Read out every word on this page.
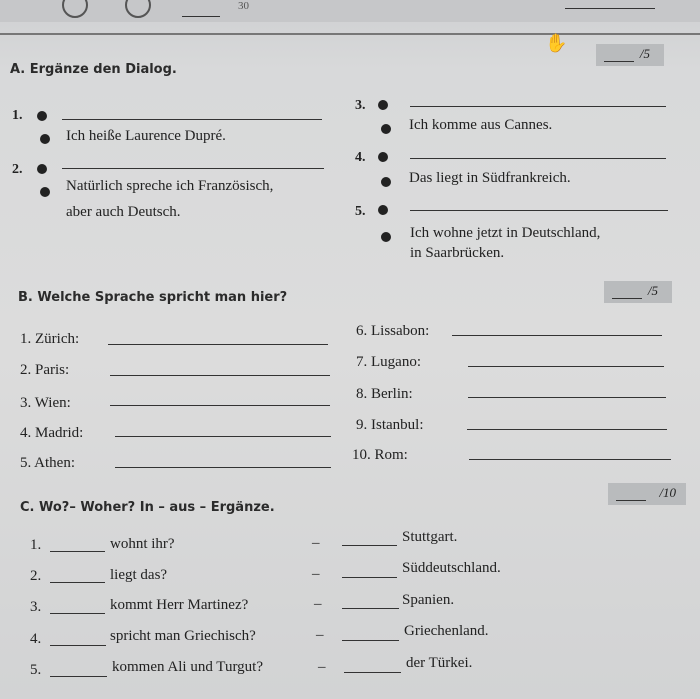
30
A. Ergänze den Dialog.
✋
/5
1.
Ich heiße Laurence Dupré.
2.
Natürlich spreche ich Französisch,
aber auch Deutsch.
3.
Ich komme aus Cannes.
4.
Das liegt in Südfrankreich.
5.
Ich wohne jetzt in Deutschland,
in Saarbrücken.
B. Welche Sprache spricht man hier?	/5
1. Zürich:
2. Paris:
3. Wien:
4. Madrid:
5. Athen:
6. Lissabon:
7. Lugano:
8. Berlin:
9. Istanbul:
10. Rom:
C. Wo?– Woher? In – aus – Ergänze.
/10
1.	wohnt ihr?	–	Stuttgart.
2.	liegt das?	–	Süddeutschland.
3.	kommt Herr Martinez?	–	Spanien.
4.	spricht man Griechisch?	–	Griechenland.
5.	kommen Ali und Turgut?	–	der Türkei.
